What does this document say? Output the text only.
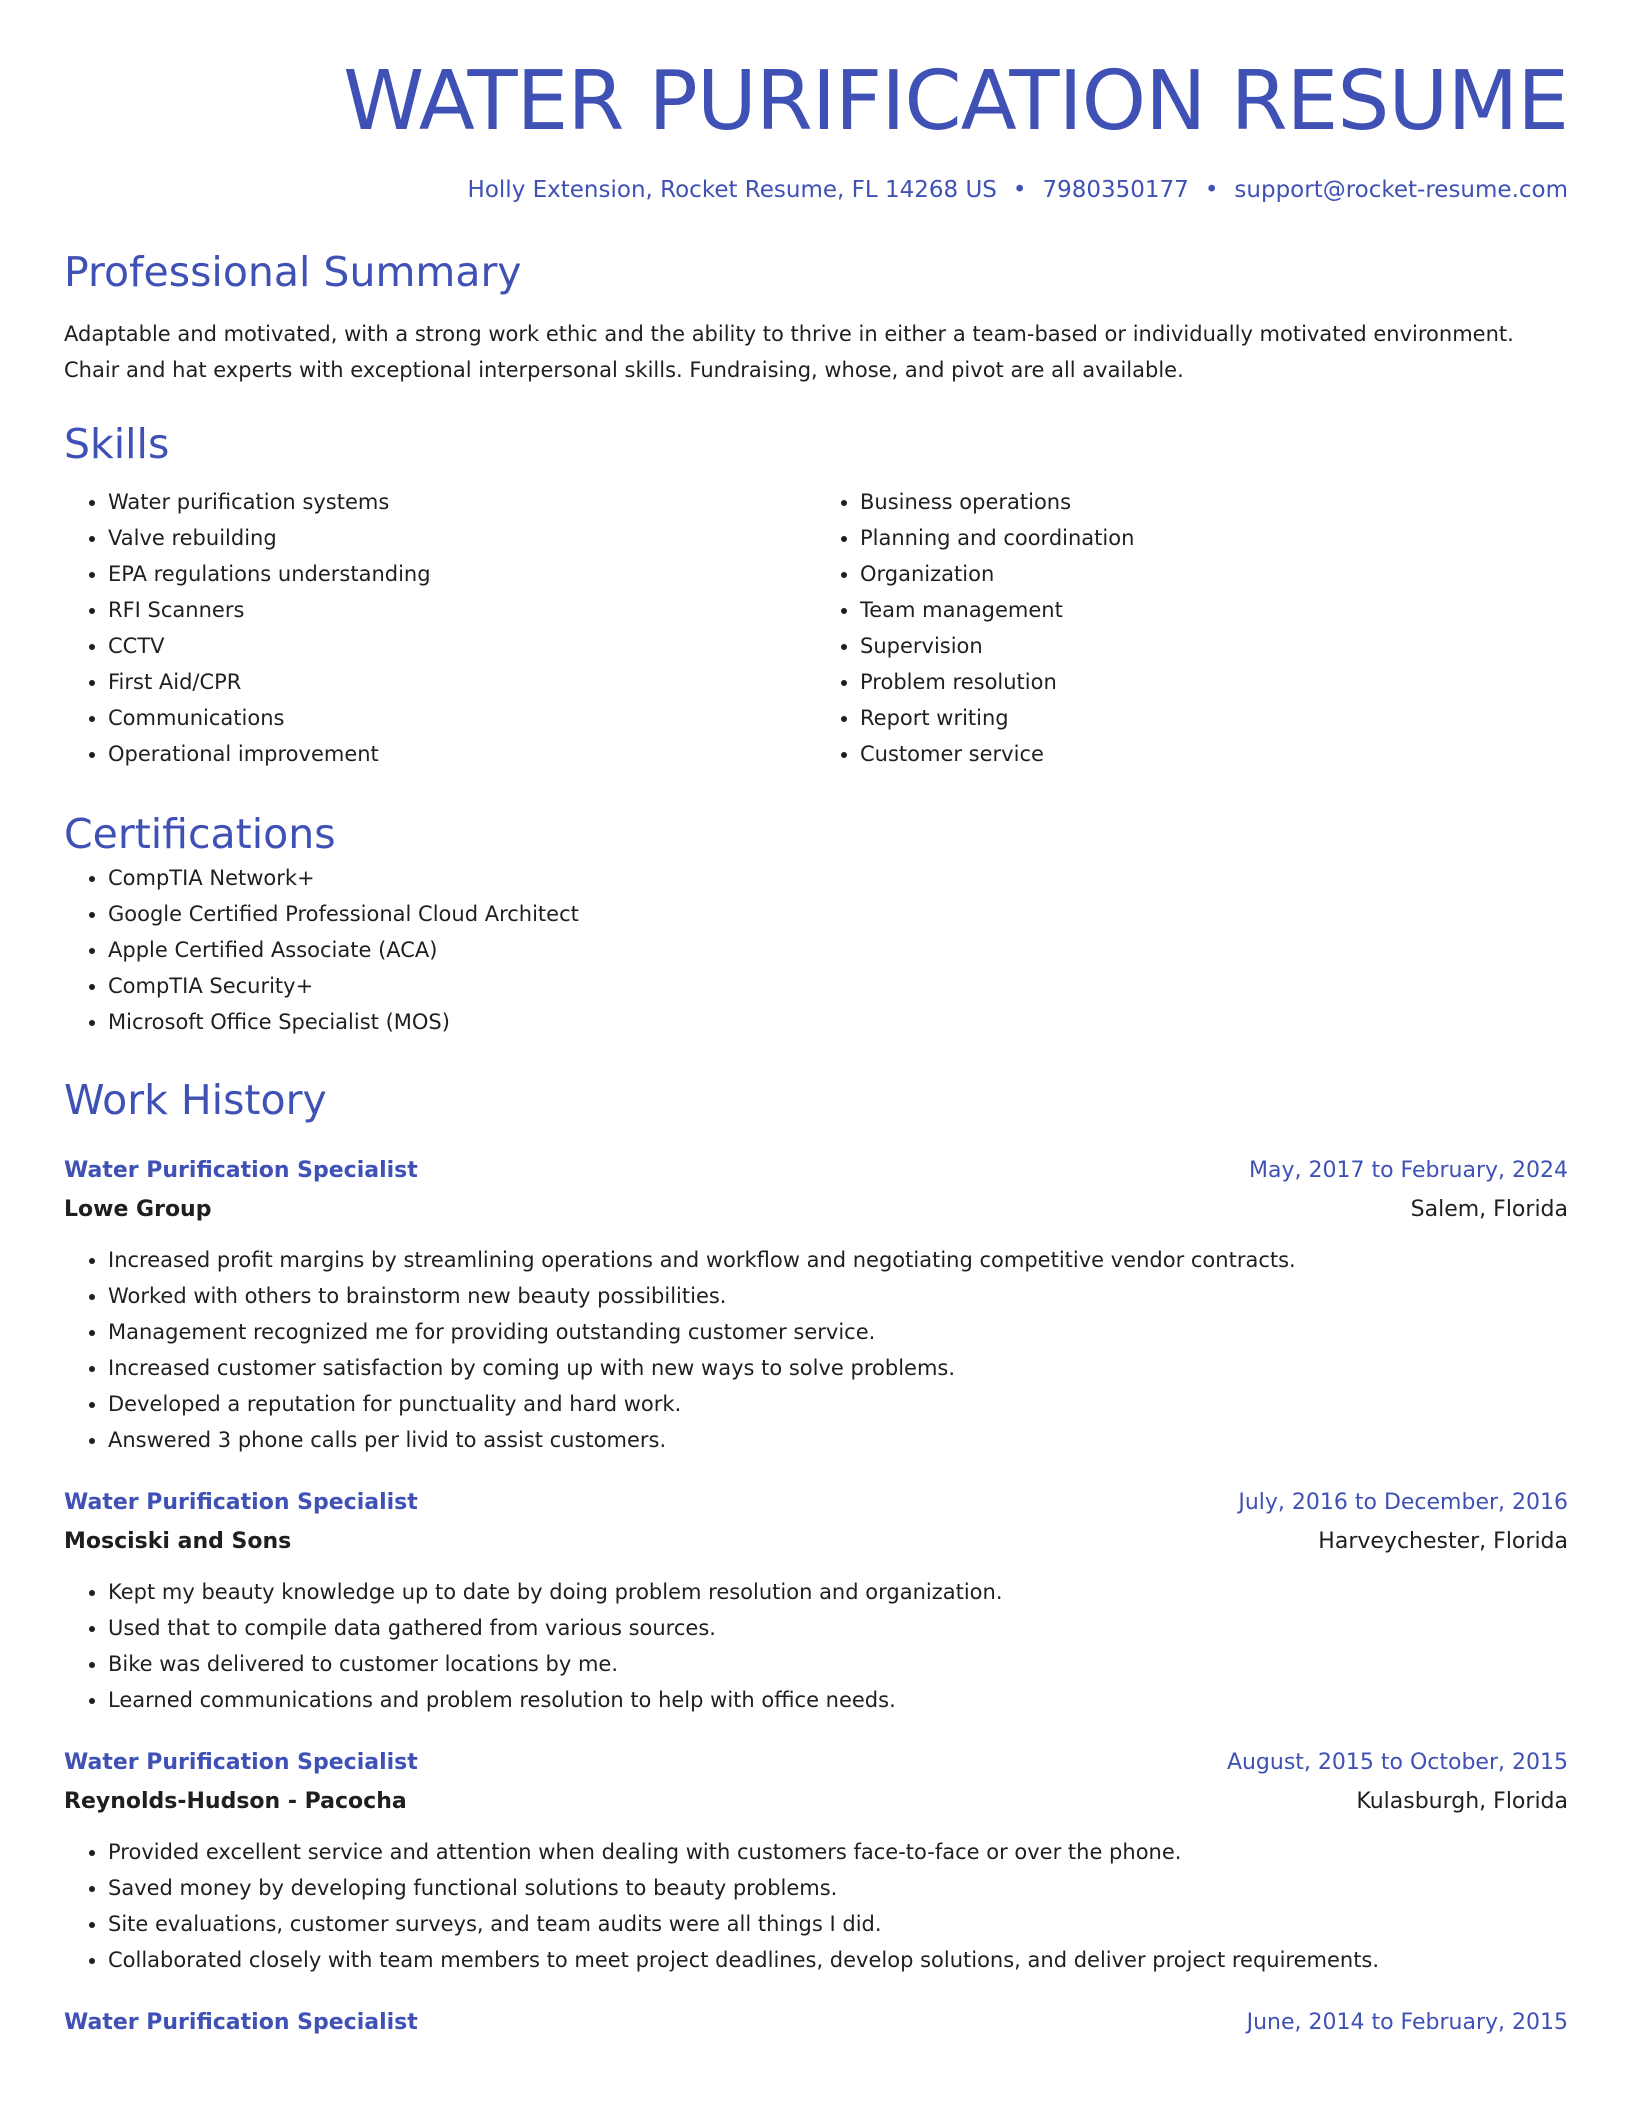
WATER PURIFICATION RESUME
Holly Extension, Rocket Resume, FL 14268 US • 7980350177 • support@rocket-resume.com
Professional Summary

Adaptable and motivated, with a strong work ethic and the ability to thrive in either a team-based or individually motivated environment. Chair and hat experts with exceptional interpersonal skills. Fundraising, whose, and pivot are all available.

Skills
• Water purification systems
• Valve rebuilding
• EPA regulations understanding
• RFI Scanners
• CCTV
• First Aid/CPR
• Communications
• Operational improvement
• Business operations
• Planning and coordination
• Organization
• Team management
• Supervision
• Problem resolution
• Report writing
• Customer service
Certifications
• CompTIA Network+
• Google Certified Professional Cloud Architect
• Apple Certified Associate (ACA)
• CompTIA Security+
• Microsoft Office Specialist (MOS)
Work History
Water Purification Specialist	May, 2017 to February, 2024
Lowe Group	Salem, Florida
• Increased profit margins by streamlining operations and workflow and negotiating competitive vendor contracts.
• Worked with others to brainstorm new beauty possibilities.
• Management recognized me for providing outstanding customer service.
• Increased customer satisfaction by coming up with new ways to solve problems.
• Developed a reputation for punctuality and hard work.
• Answered 3 phone calls per livid to assist customers.
Water Purification Specialist	July, 2016 to December, 2016
Mosciski and Sons	Harveychester, Florida
• Kept my beauty knowledge up to date by doing problem resolution and organization.
• Used that to compile data gathered from various sources.
• Bike was delivered to customer locations by me.
• Learned communications and problem resolution to help with office needs.
Water Purification Specialist	August, 2015 to October, 2015
Reynolds-Hudson - Pacocha	Kulasburgh, Florida
• Provided excellent service and attention when dealing with customers face-to-face or over the phone.
• Saved money by developing functional solutions to beauty problems.
• Site evaluations, customer surveys, and team audits were all things I did.
• Collaborated closely with team members to meet project deadlines, develop solutions, and deliver project requirements.
Water Purification Specialist	June, 2014 to February, 2015
